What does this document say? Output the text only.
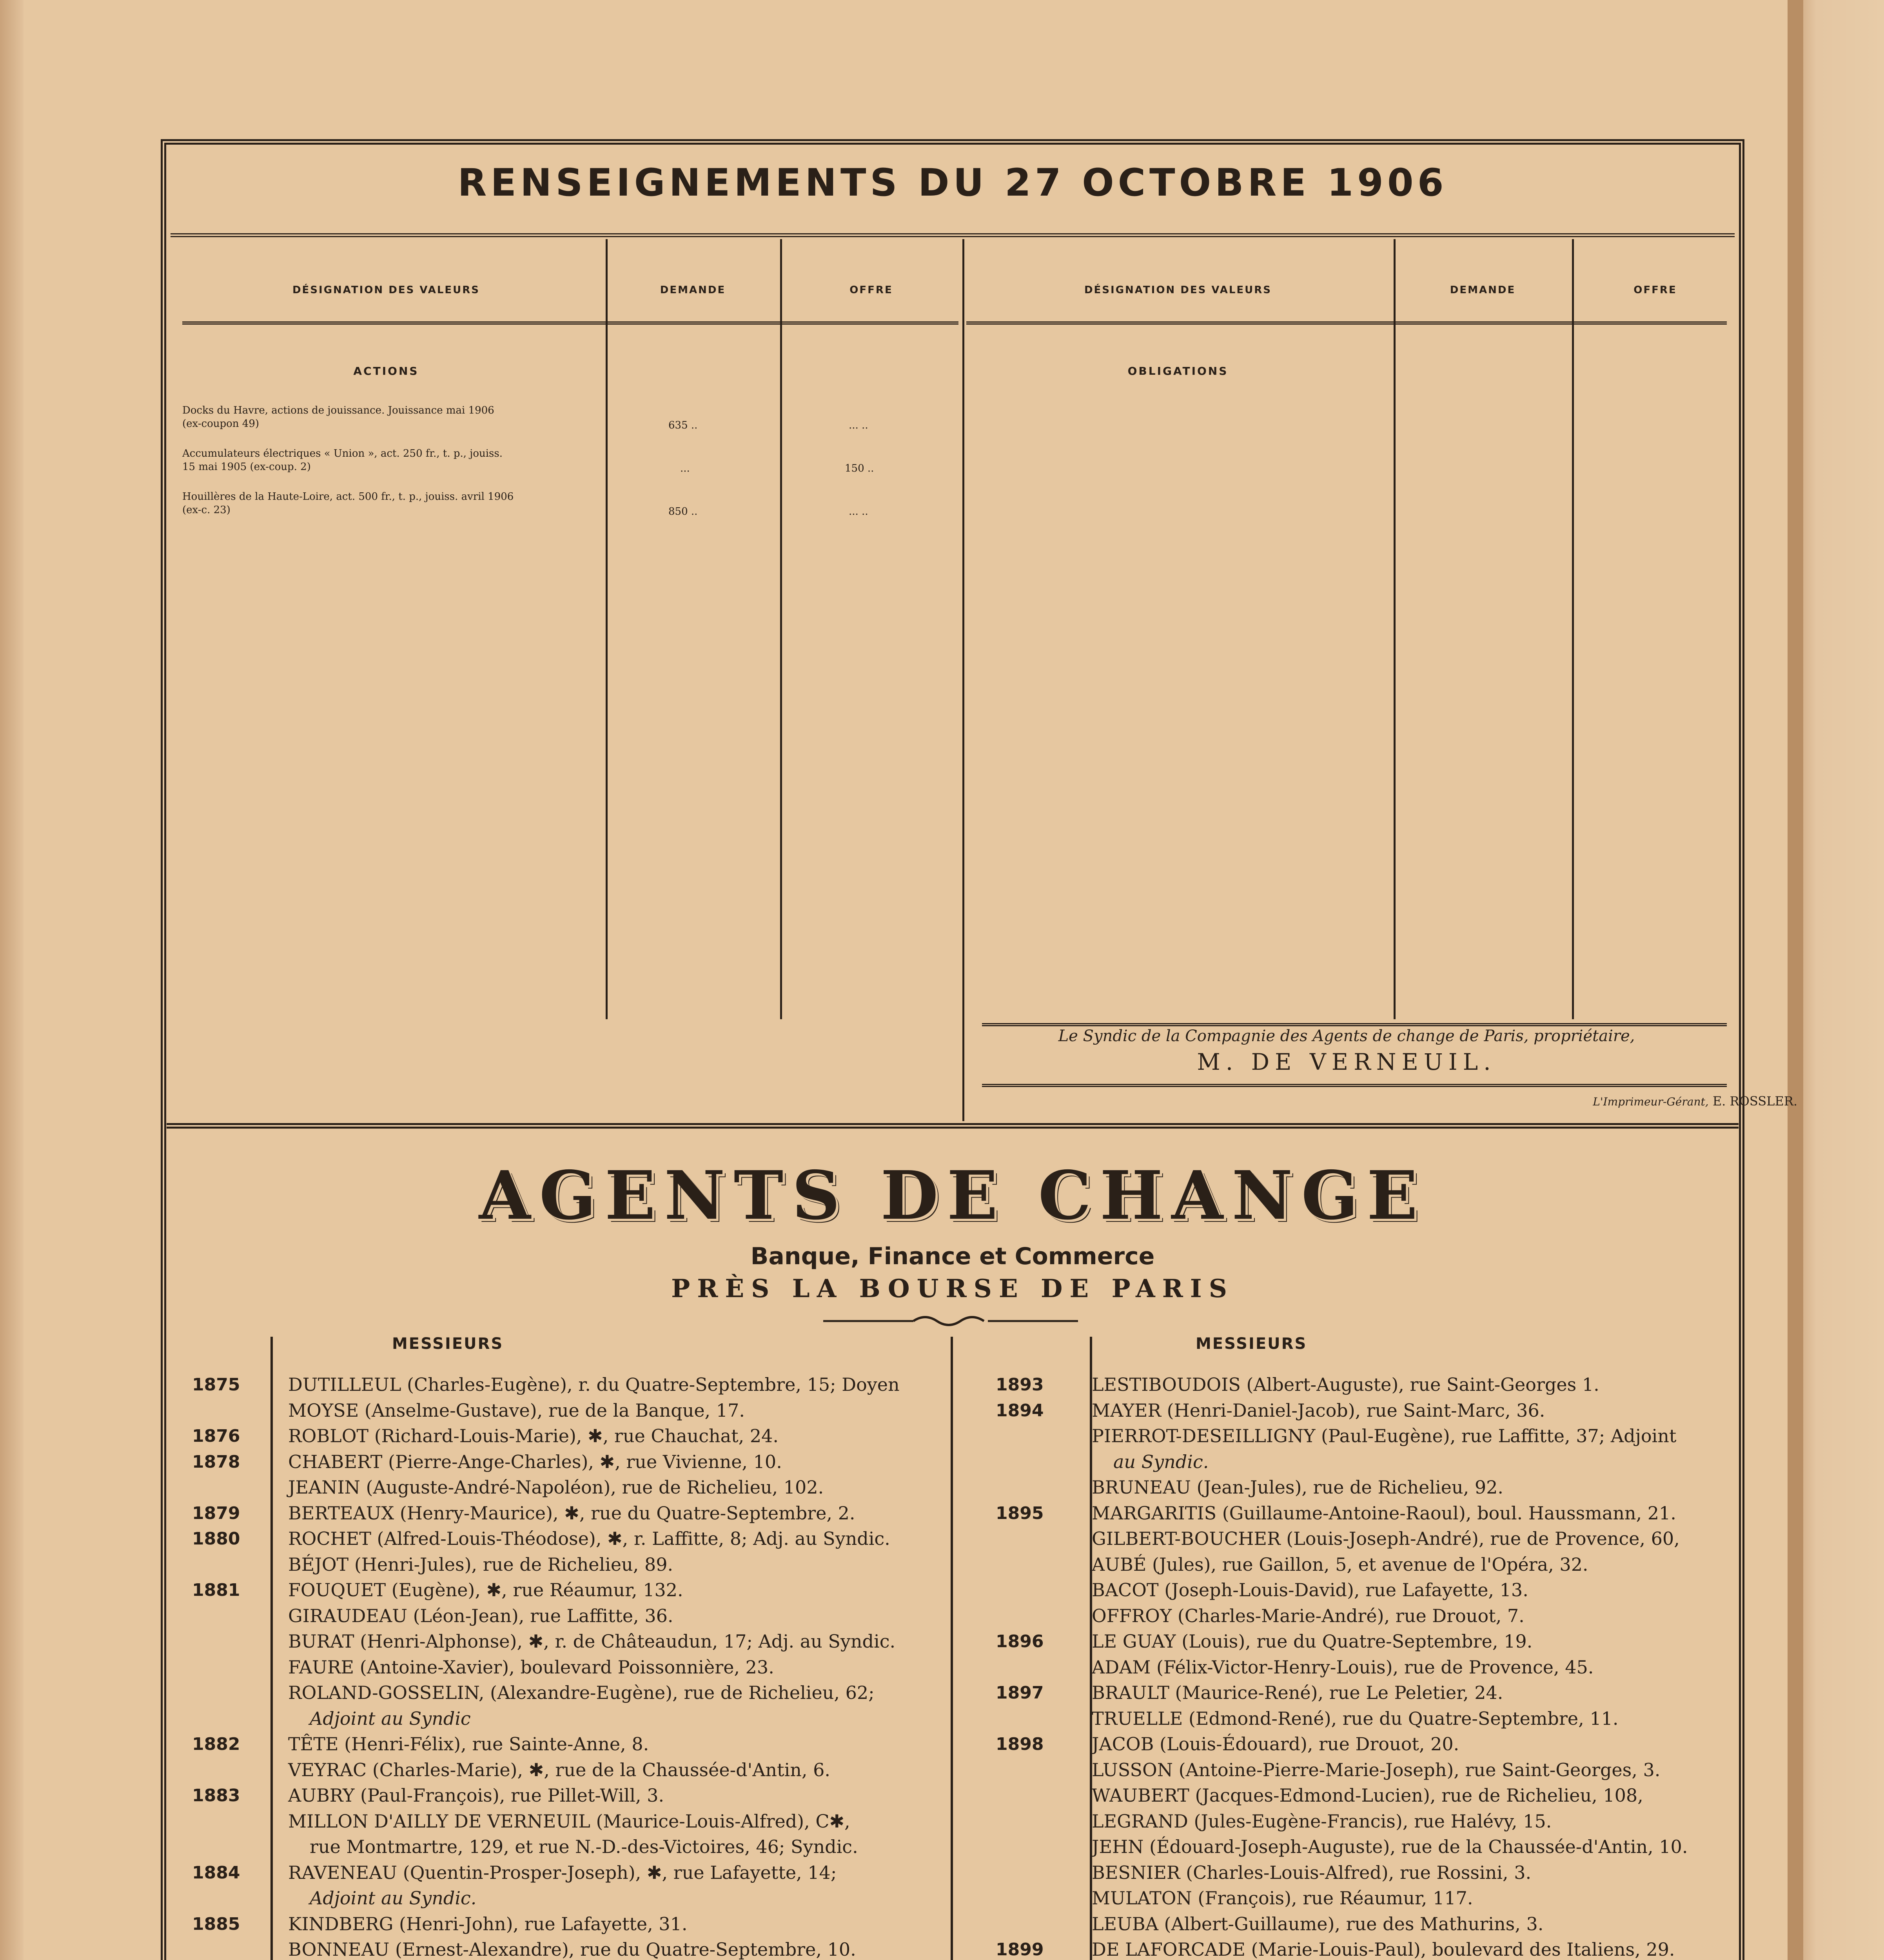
RENSEIGNEMENTS DU 27 OCTOBRE 1906
DÉSIGNATION DES VALEURS	DEMANDE	OFFRE	DÉSIGNATION DES VALEURS	DEMANDE	OFFRE
ACTIONS	OBLIGATIONS
Docks du Havre, actions de jouissance. Jouissance mai 1906
(ex-coupon 49)	635 ..	... ..
Accumulateurs électriques « Union », act. 250 fr., t. p., jouiss.
15 mai 1905 (ex-coup. 2)	...	150 ..
Houillères de la Haute-Loire, act. 500 fr., t. p., jouiss. avril 1906
(ex-c. 23)	850 ..	... ..
Le Syndic de la Compagnie des Agents de change de Paris, propriétaire,
M. DE VERNEUIL.
L'Imprimeur-Gérant, E. ROSSLER.
AGENTS DE CHANGE
Banque, Finance et Commerce
PRÈS LA BOURSE DE PARIS
MESSIEURS	MESSIEURS
1875	DUTILLEUL (Charles-Eugène), r. du Quatre-Septembre, 15; Doyen
MOYSE (Anselme-Gustave), rue de la Banque, 17.
1876	ROBLOT (Richard-Louis-Marie), ✱, rue Chauchat, 24.
1878	CHABERT (Pierre-Ange-Charles), ✱, rue Vivienne, 10.
JEANIN (Auguste-André-Napoléon), rue de Richelieu, 102.
1879	BERTEAUX (Henry-Maurice), ✱, rue du Quatre-Septembre, 2.
1880	ROCHET (Alfred-Louis-Théodose), ✱, r. Laffitte, 8; Adj. au Syndic.
BÉJOT (Henri-Jules), rue de Richelieu, 89.
1881	FOUQUET (Eugène), ✱, rue Réaumur, 132.
GIRAUDEAU (Léon-Jean), rue Laffitte, 36.
BURAT (Henri-Alphonse), ✱, r. de Châteaudun, 17; Adj. au Syndic.
FAURE (Antoine-Xavier), boulevard Poissonnière, 23.
ROLAND-GOSSELIN, (Alexandre-Eugène), rue de Richelieu, 62;
Adjoint au Syndic
1882	TÊTE (Henri-Félix), rue Sainte-Anne, 8.
VEYRAC (Charles-Marie), ✱, rue de la Chaussée-d'Antin, 6.
1883	AUBRY (Paul-François), rue Pillet-Will, 3.
MILLON D'AILLY DE VERNEUIL (Maurice-Louis-Alfred), C✱,
rue Montmartre, 129, et rue N.-D.-des-Victoires, 46; Syndic.
1884	RAVENEAU (Quentin-Prosper-Joseph), ✱, rue Lafayette, 14;
Adjoint au Syndic.
1885	KINDBERG (Henri-John), rue Lafayette, 31.
BONNEAU (Ernest-Alexandre), rue du Quatre-Septembre, 10.
1893	LESTIBOUDOIS (Albert-Auguste), rue Saint-Georges 1.
1894	MAYER (Henri-Daniel-Jacob), rue Saint-Marc, 36.
PIERROT-DESEILLIGNY (Paul-Eugène), rue Laffitte, 37; Adjoint
au Syndic.
BRUNEAU (Jean-Jules), rue de Richelieu, 92.
1895	MARGARITIS (Guillaume-Antoine-Raoul), boul. Haussmann, 21.
GILBERT-BOUCHER (Louis-Joseph-André), rue de Provence, 60,
AUBÉ (Jules), rue Gaillon, 5, et avenue de l'Opéra, 32.
BACOT (Joseph-Louis-David), rue Lafayette, 13.
OFFROY (Charles-Marie-André), rue Drouot, 7.
1896	LE GUAY (Louis), rue du Quatre-Septembre, 19.
ADAM (Félix-Victor-Henry-Louis), rue de Provence, 45.
1897	BRAULT (Maurice-René), rue Le Peletier, 24.
TRUELLE (Edmond-René), rue du Quatre-Septembre, 11.
1898	JACOB (Louis-Édouard), rue Drouot, 20.
LUSSON (Antoine-Pierre-Marie-Joseph), rue Saint-Georges, 3.
WAUBERT (Jacques-Edmond-Lucien), rue de Richelieu, 108,
LEGRAND (Jules-Eugène-Francis), rue Halévy, 15.
JEHN (Édouard-Joseph-Auguste), rue de la Chaussée-d'Antin, 10.
BESNIER (Charles-Louis-Alfred), rue Rossini, 3.
MULATON (François), rue Réaumur, 117.
LEUBA (Albert-Guillaume), rue des Mathurins, 3.
1899	DE LAFORCADE (Marie-Louis-Paul), boulevard des Italiens, 29.
